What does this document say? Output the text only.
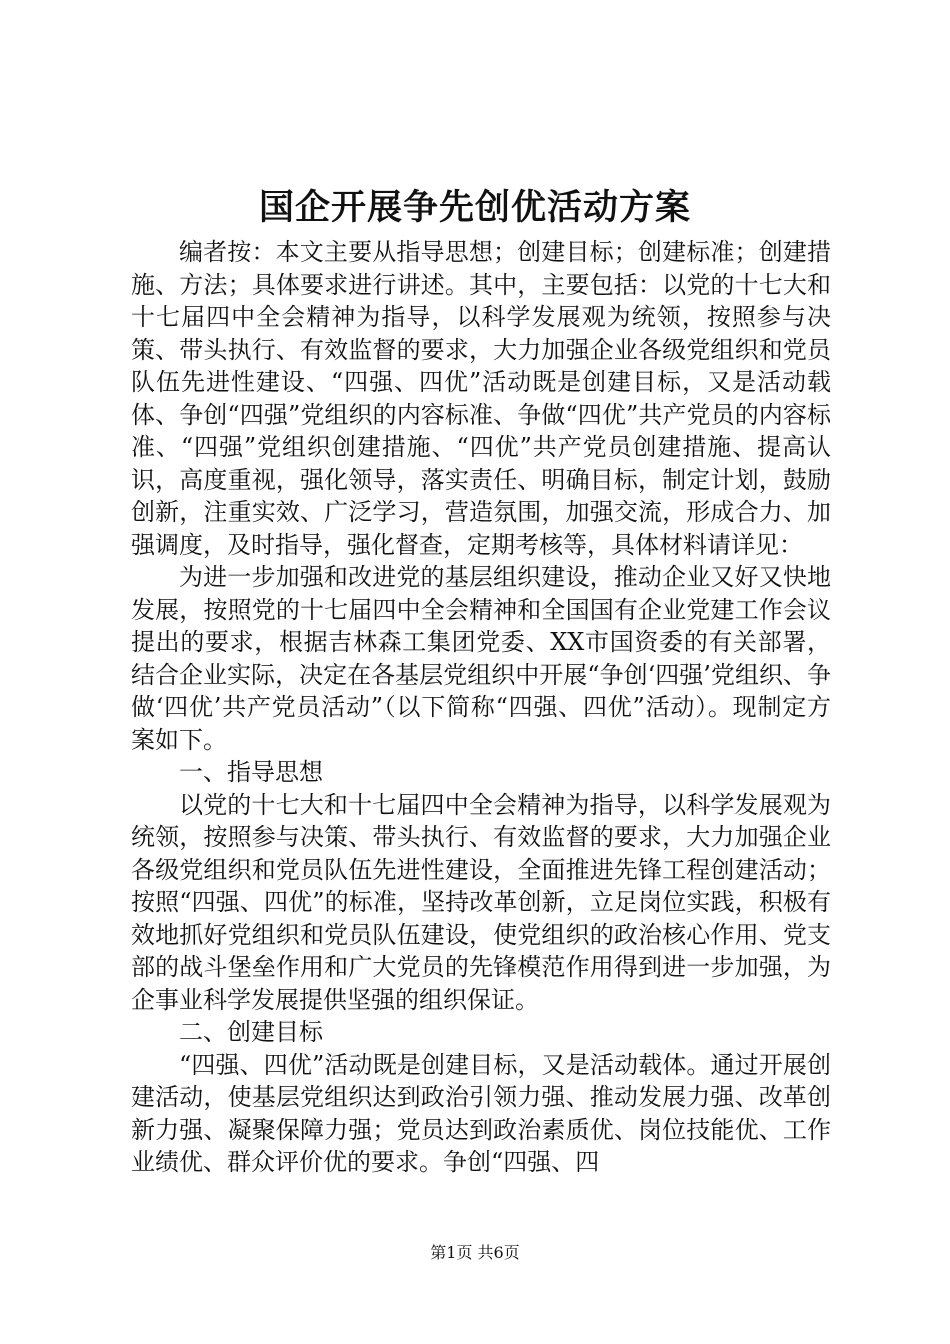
国企开展争先创优活动方案

编者按：本文主要从指导思想；创建目标；创建标准；创建措施、方法；具体要求进行讲述。其中，主要包括：以党的十七大和十七届四中全会精神为指导，以科学发展观为统领，按照参与决策、带头执行、有效监督的要求，大力加强企业各级党组织和党员队伍先进性建设、“四强、四优”活动既是创建目标，又是活动载体、争创“四强”党组织的内容标准、争做“四优”共产党员的内容标准、“四强”党组织创建措施、“四优”共产党员创建措施、提高认识，高度重视，强化领导，落实责任、明确目标，制定计划，鼓励创新，注重实效、广泛学习，营造氛围，加强交流，形成合力、加强调度，及时指导，强化督查，定期考核等，具体材料请详见：

为进一步加强和改进党的基层组织建设，推动企业又好又快地发展，按照党的十七届四中全会精神和全国国有企业党建工作会议提出的要求，根据吉林森工集团党委、XX市国资委的有关部署，结合企业实际，决定在各基层党组织中开展“争创‘四强’党组织、争做‘四优’共产党员活动”（以下简称“四强、四优”活动）。现制定方案如下。

一、指导思想

以党的十七大和十七届四中全会精神为指导，以科学发展观为统领，按照参与决策、带头执行、有效监督的要求，大力加强企业各级党组织和党员队伍先进性建设，全面推进先锋工程创建活动；按照“四强、四优”的标准，坚持改革创新，立足岗位实践，积极有效地抓好党组织和党员队伍建设，使党组织的政治核心作用、党支部的战斗堡垒作用和广大党员的先锋模范作用得到进一步加强，为企事业科学发展提供坚强的组织保证。

二、创建目标

“四强、四优”活动既是创建目标，又是活动载体。通过开展创建活动，使基层党组织达到政治引领力强、推动发展力强、改革创新力强、凝聚保障力强；党员达到政治素质优、岗位技能优、工作业绩优、群众评价优的要求。争创“四强、四

第1页 共6页
